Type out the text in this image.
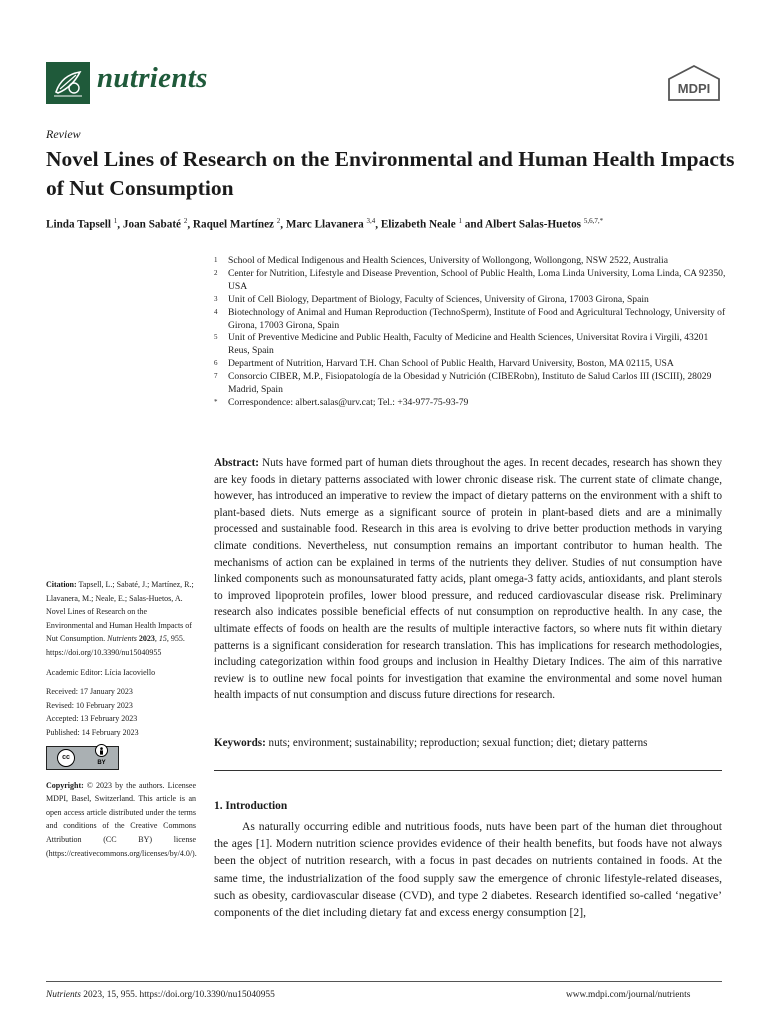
nutrients	MDPI
Review
Novel Lines of Research on the Environmental and Human Health Impacts of Nut Consumption
Linda Tapsell $^1$, Joan Sabaté $^2$, Raquel Martínez $^2$, Marc Llavanera $^{3,4}$, Elizabeth Neale $^1$ and Albert Salas-Huetos $^{5,6,7,*}$
1	School of Medical Indigenous and Health Sciences, University of Wollongong, Wollongong, NSW 2522, Australia
2	Center for Nutrition, Lifestyle and Disease Prevention, School of Public Health, Loma Linda University, Loma Linda, CA 92350, USA
3	Unit of Cell Biology, Department of Biology, Faculty of Sciences, University of Girona, 17003 Girona, Spain
4	Biotechnology of Animal and Human Reproduction (TechnoSperm), Institute of Food and Agricultural Technology, University of Girona, 17003 Girona, Spain
5	Unit of Preventive Medicine and Public Health, Faculty of Medicine and Health Sciences, Universitat Rovira i Virgili, 43201 Reus, Spain
6	Department of Nutrition, Harvard T.H. Chan School of Public Health, Harvard University, Boston, MA 02115, USA
7	Consorcio CIBER, M.P., Fisiopatología de la Obesidad y Nutrición (CIBERobn), Instituto de Salud Carlos III (ISCIII), 28029 Madrid, Spain
*	Correspondence: albert.salas@urv.cat; Tel.: +34-977-75-93-79
Abstract: Nuts have formed part of human diets throughout the ages. In recent decades, research has shown they are key foods in dietary patterns associated with lower chronic disease risk. The current state of climate change, however, has introduced an imperative to review the impact of dietary patterns on the environment with a shift to plant-based diets. Nuts emerge as a significant source of protein in plant-based diets and are a minimally processed and sustainable food. Research in this area is evolving to drive better production methods in varying climate conditions. Nevertheless, nut consumption remains an important contributor to human health. The mechanisms of action can be explained in terms of the nutrients they deliver. Studies of nut consumption have linked components such as monounsaturated fatty acids, plant omega-3 fatty acids, antioxidants, and plant sterols to improved lipoprotein profiles, lower blood pressure, and reduced cardiovascular disease risk. Preliminary research also indicates possible beneficial effects of nut consumption on reproductive health. In any case, the ultimate effects of foods on health are the results of multiple interactive factors, so where nuts fit within dietary patterns is a significant consideration for research translation. This has implications for research methodologies, including categorization within food groups and inclusion in Healthy Dietary Indices. The aim of this narrative review is to outline new focal points for investigation that examine the environmental and some novel human health impacts of nut consumption and discuss future directions for research.
Keywords: nuts; environment; sustainability; reproduction; sexual function; diet; dietary patterns
1. Introduction
As naturally occurring edible and nutritious foods, nuts have been part of the human diet throughout the ages [1]. Modern nutrition science provides evidence of their health benefits, but foods have not always been the object of nutrition research, with a focus in past decades on nutrients contained in foods. At the same time, the industrialization of the food supply saw the emergence of chronic lifestyle-related diseases, such as obesity, cardiovascular disease (CVD), and type 2 diabetes. Research identified so-called ‘negative’ components of the diet including dietary fat and excess energy consumption [2],
Citation: Tapsell, L.; Sabaté, J.; Martínez, R.; Llavanera, M.; Neale, E.; Salas-Huetos, A. Novel Lines of Research on the Environmental and Human Health Impacts of Nut Consumption. Nutrients 2023, 15, 955. https://doi.org/10.3390/nu15040955
Academic Editor: Lícia Iacoviello
Received: 17 January 2023
Revised: 10 February 2023
Accepted: 13 February 2023
Published: 14 February 2023
cc
BY
Copyright: © 2023 by the authors. Licensee MDPI, Basel, Switzerland. This article is an open access article distributed under the terms and conditions of the Creative Commons Attribution (CC BY) license (https://creativecommons.org/licenses/by/4.0/).
Nutrients 2023, 15, 955. https://doi.org/10.3390/nu15040955	www.mdpi.com/journal/nutrients
